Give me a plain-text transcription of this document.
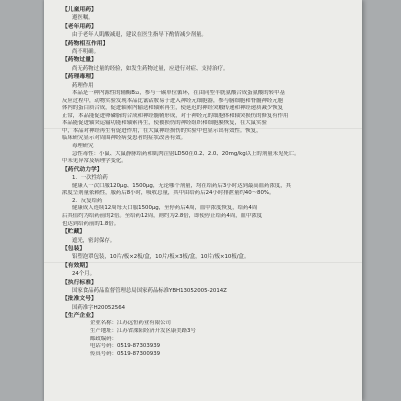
【儿童用药】
遵医嘱。
【老年用药】
由于老年人肌酸减退，建议在医生指导下酌情减少剂量。
【药物相互作用】
尚不明确。
【药物过量】
尚无药物过量的经验，如发生药物过量，应进行对症、支持治疗。
【药理毒理】
药理作用
本品是一种内源性的辅酶B₁₂，参与一碳单位循环，在由同型半胱氨酸合成蛋氨酸的转甲基
反应过程中，动物实验发现本品比氰钴胺易于进入神经元细胞器，参与脑细胞和脊髓神经元胞
体内的蛋白质合成，促进轴索内输送和轴索再生，使延迟的神经突触传递和神经递质减少恢复
正常，本品能促进卵磷脂的合成和神经髓鞘形成，对于神经元的细胞体和轴突损伤的修复有作用
本品能促进轴突运输功能和轴索再生，使被损伤的神经组织和细胞膜恢复，在大鼠实验
中，本品对神经再生有促进作用，在大鼠神经损伤的实验中也显示出有效性。恢复，
临床研究显示对周围神经病变患者的症状改善有效。
毒理研究
急性毒性：小鼠、大鼠静脉给药和肌肉注射LD50在0.2、2.0、20mg/kg以上的剂量未见死亡。
中未见异常及病理学变化。
【药代动力学】
1．一次性给药
健康人一次口服120μg、1500μg，无论哪个剂量，均在给药后3小时达到最高血药浓度，其
浓度呈剂量依赖性，服药后8小时，吸收总量，其中由给药后24小时排泄量约40～80%。
2．反复给药
健康成人连续12周每天口服1500μg，至停药后4周，血中浓度恢复，给药4周
后其值约为给药前的2倍。至给药12周，则约为2.8倍，即使停止给药4周，血中浓度
也达到给药前的1.8倍。
【贮藏】
遮光，密封保存。
【包装】
铝塑泡罩包装，10片/板×2板/盒，10片/板×3板/盒，10片/板×10板/盒。
【有效期】
24个月。
【执行标准】
国家食品药品监督管理总局国家药品标准YBH13052005-2014Z
【批准文号】
国药准字H20052564
【生产企业】
企业名称：江苏远恒药业有限公司
生产地址：江苏省溧阳经济开发区康美路3号
邮政编码：
电话号码：0519-87303939
传真号码：0519-87300939
